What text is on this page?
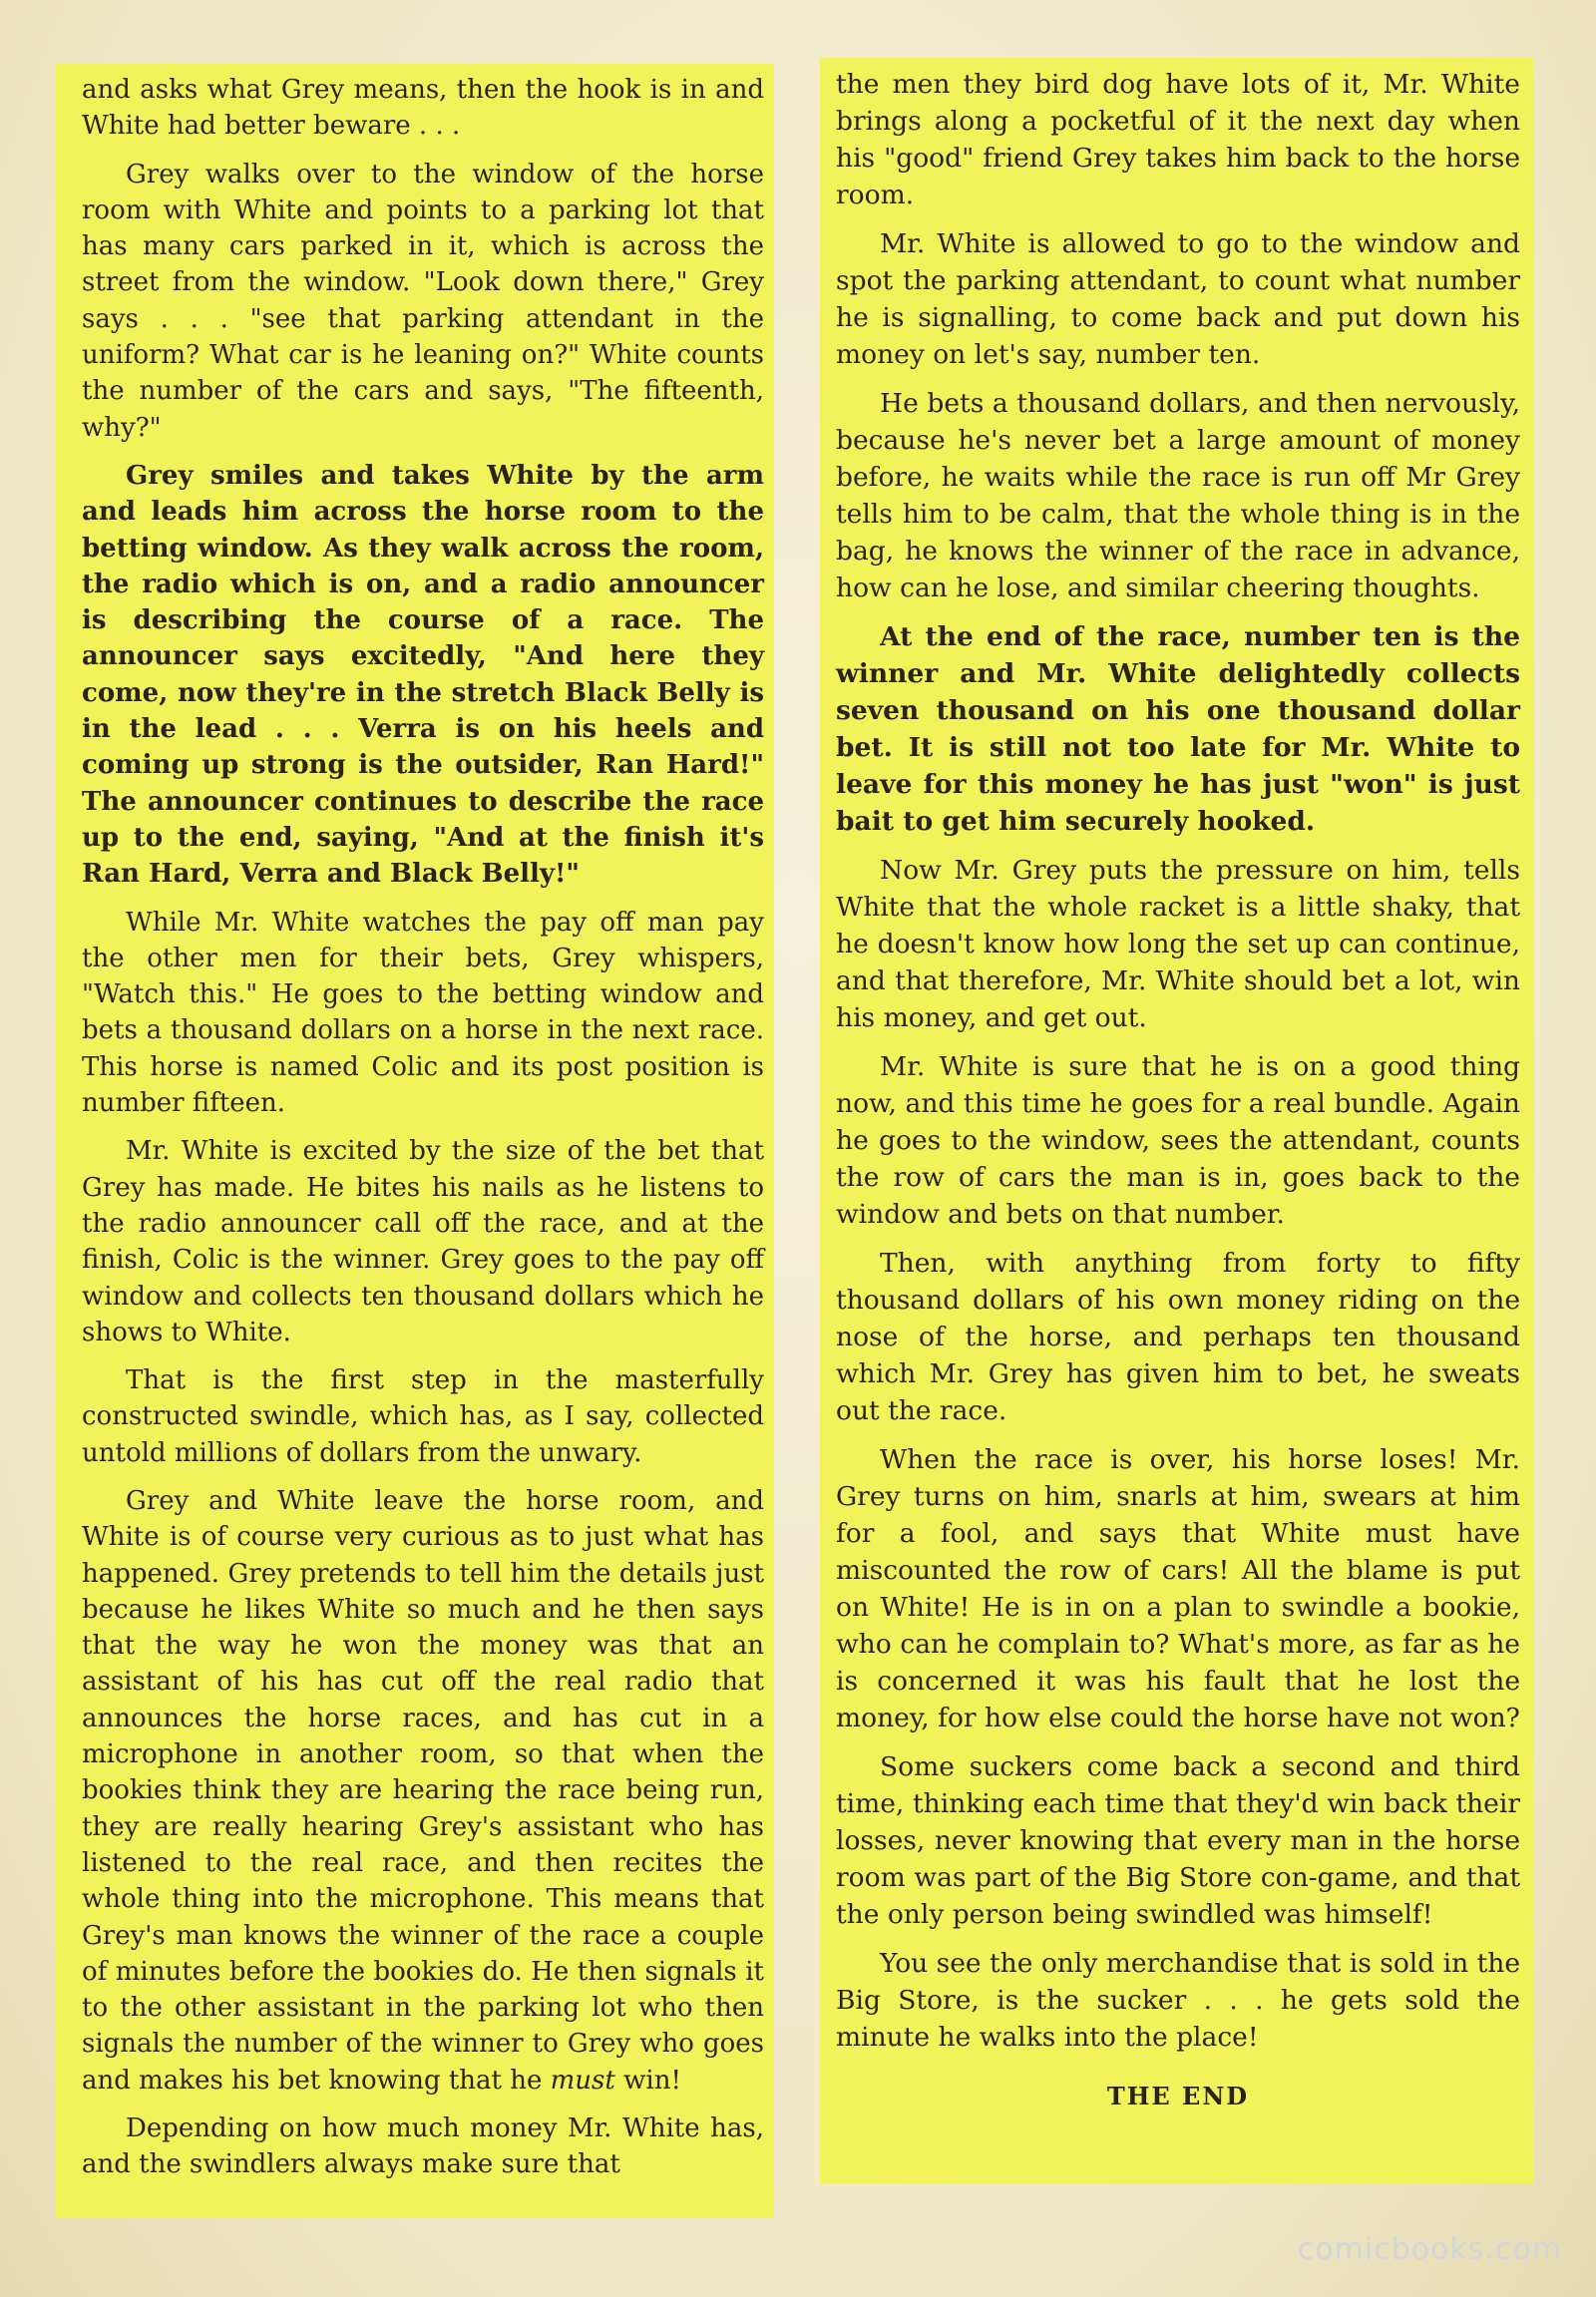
and asks what Grey means, then the hook is in and White had better beware . . .

Grey walks over to the window of the horse room with White and points to a parking lot that has many cars parked in it, which is across the street from the window. "Look down there," Grey says . . . "see that parking attendant in the uniform? What car is he leaning on?" White counts the number of the cars and says, "The fifteenth, why?"

Grey smiles and takes White by the arm and leads him across the horse room to the betting window. As they walk across the room, the radio which is on, and a radio announcer is describing the course of a race. The announcer says excitedly, "And here they come, now they're in the stretch Black Belly is in the lead . . . Verra is on his heels and coming up strong is the outsider, Ran Hard!" The announcer continues to describe the race up to the end, saying, "And at the finish it's Ran Hard, Verra and Black Belly!"

While Mr. White watches the pay off man pay the other men for their bets, Grey whispers, "Watch this." He goes to the betting window and bets a thousand dollars on a horse in the next race. This horse is named Colic and its post position is number fifteen.

Mr. White is excited by the size of the bet that Grey has made. He bites his nails as he listens to the radio announcer call off the race, and at the finish, Colic is the winner. Grey goes to the pay off window and collects ten thousand dollars which he shows to White.

That is the first step in the masterfully constructed swindle, which has, as I say, collected untold millions of dollars from the unwary.

Grey and White leave the horse room, and White is of course very curious as to just what has happened. Grey pretends to tell him the details just because he likes White so much and he then says that the way he won the money was that an assistant of his has cut off the real radio that announces the horse races, and has cut in a microphone in another room, so that when the bookies think they are hearing the race being run, they are really hearing Grey's assistant who has listened to the real race, and then recites the whole thing into the microphone. This means that Grey's man knows the winner of the race a couple of minutes before the bookies do. He then signals it to the other assistant in the parking lot who then signals the number of the winner to Grey who goes and makes his bet knowing that he must win!

Depending on how much money Mr. White has, and the swindlers always make sure that

the men they bird dog have lots of it, Mr. White brings along a pocketful of it the next day when his "good" friend Grey takes him back to the horse room.

Mr. White is allowed to go to the window and spot the parking attendant, to count what number he is signalling, to come back and put down his money on let's say, number ten.

He bets a thousand dollars, and then nervously, because he's never bet a large amount of money before, he waits while the race is run off Mr Grey tells him to be calm, that the whole thing is in the bag, he knows the winner of the race in advance, how can he lose, and similar cheering thoughts.

At the end of the race, number ten is the winner and Mr. White delightedly collects seven thousand on his one thousand dollar bet. It is still not too late for Mr. White to leave for this money he has just "won" is just bait to get him securely hooked.

Now Mr. Grey puts the pressure on him, tells White that the whole racket is a little shaky, that he doesn't know how long the set up can continue, and that therefore, Mr. White should bet a lot, win his money, and get out.

Mr. White is sure that he is on a good thing now, and this time he goes for a real bundle. Again he goes to the window, sees the attendant, counts the row of cars the man is in, goes back to the window and bets on that number.

Then, with anything from forty to fifty thousand dollars of his own money riding on the nose of the horse, and perhaps ten thousand which Mr. Grey has given him to bet, he sweats out the race.

When the race is over, his horse loses! Mr. Grey turns on him, snarls at him, swears at him for a fool, and says that White must have miscounted the row of cars! All the blame is put on White! He is in on a plan to swindle a bookie, who can he complain to? What's more, as far as he is concerned it was his fault that he lost the money, for how else could the horse have not won?

Some suckers come back a second and third time, thinking each time that they'd win back their losses, never knowing that every man in the horse room was part of the Big Store con-game, and that the only person being swindled was himself!

You see the only merchandise that is sold in the Big Store, is the sucker . . . he gets sold the minute he walks into the place!

THE END

comicbooks.com
